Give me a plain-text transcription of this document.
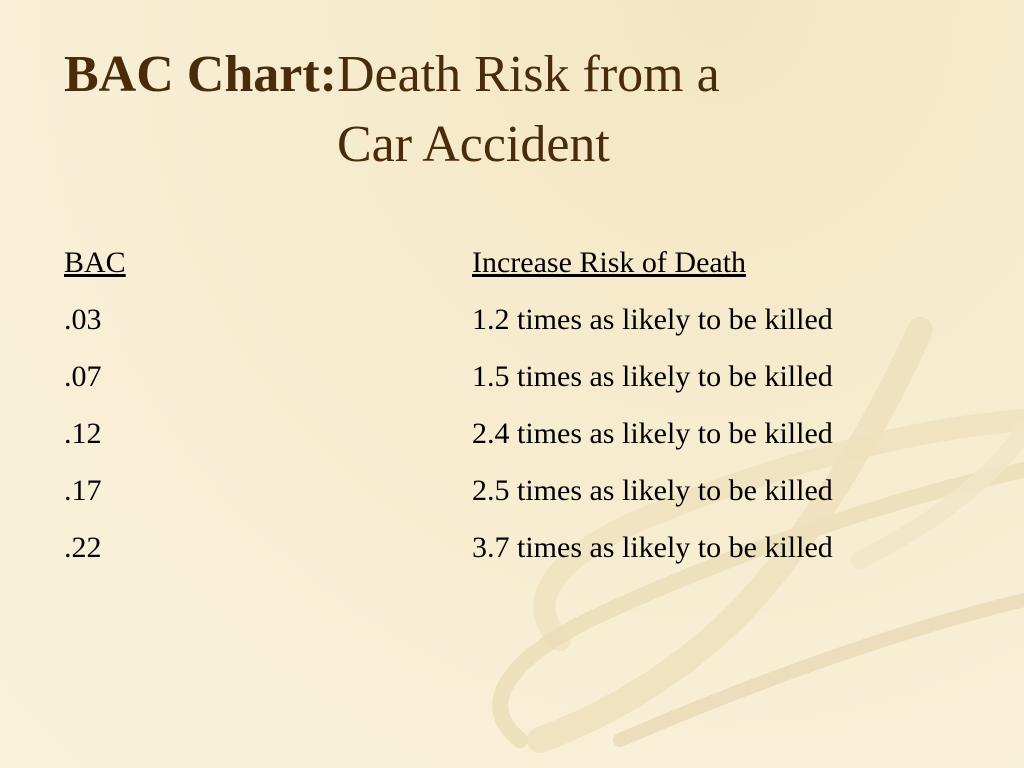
BAC Chart: Death Risk from a
Car Accident
BAC	Increase Risk of Death
.03	1.2 times as likely to be killed
.07	1.5 times as likely to be killed
.12	2.4 times as likely to be killed
.17	2.5 times as likely to be killed
.22	3.7 times as likely to be killed
